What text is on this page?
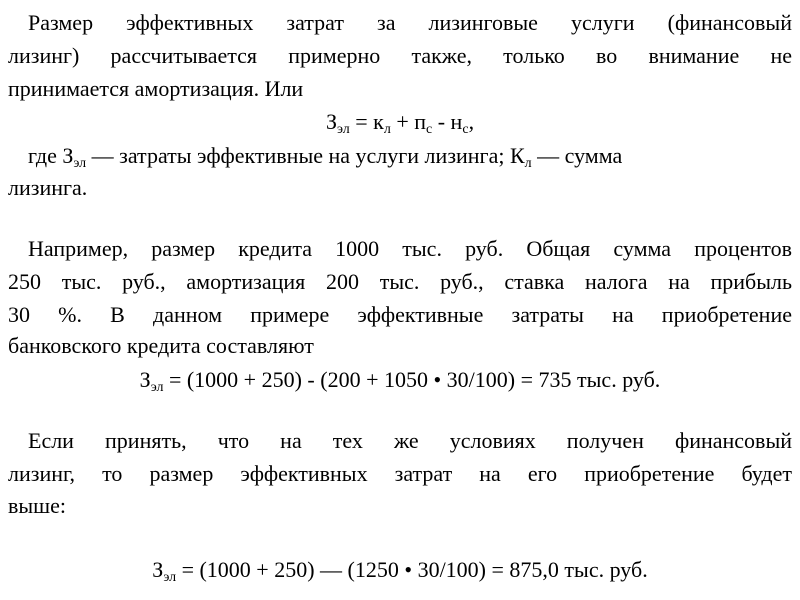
Размер эффективных затрат за лизинговые услуги (финансовый
лизинг) рассчитывается примерно также, только во внимание не
принимается амортизация. Или
$З_{эл} = к_л + п_с - н_с$,
где $З_{эл}$ — затраты эффективные на услуги лизинга; $К_л$ — сумма
лизинга.
Например, размер кредита 1000 тыс. руб. Общая сумма процентов
250 тыс. руб., амортизация 200 тыс. руб., ставка налога на прибыль
30 %. В данном примере эффективные затраты на приобретение
банковского кредита составляют
$З_{эл} = (1000 + 250) - (200 + 1050$ • 30/100) = 735 тыс. руб.
Если принять, что на тех же условиях получен финансовый
лизинг, то размер эффективных затрат на его приобретение будет
выше:
$З_{эл} = (1000 + 250)$ — (1250 • 30/100) = 875,0 тыс. руб.
